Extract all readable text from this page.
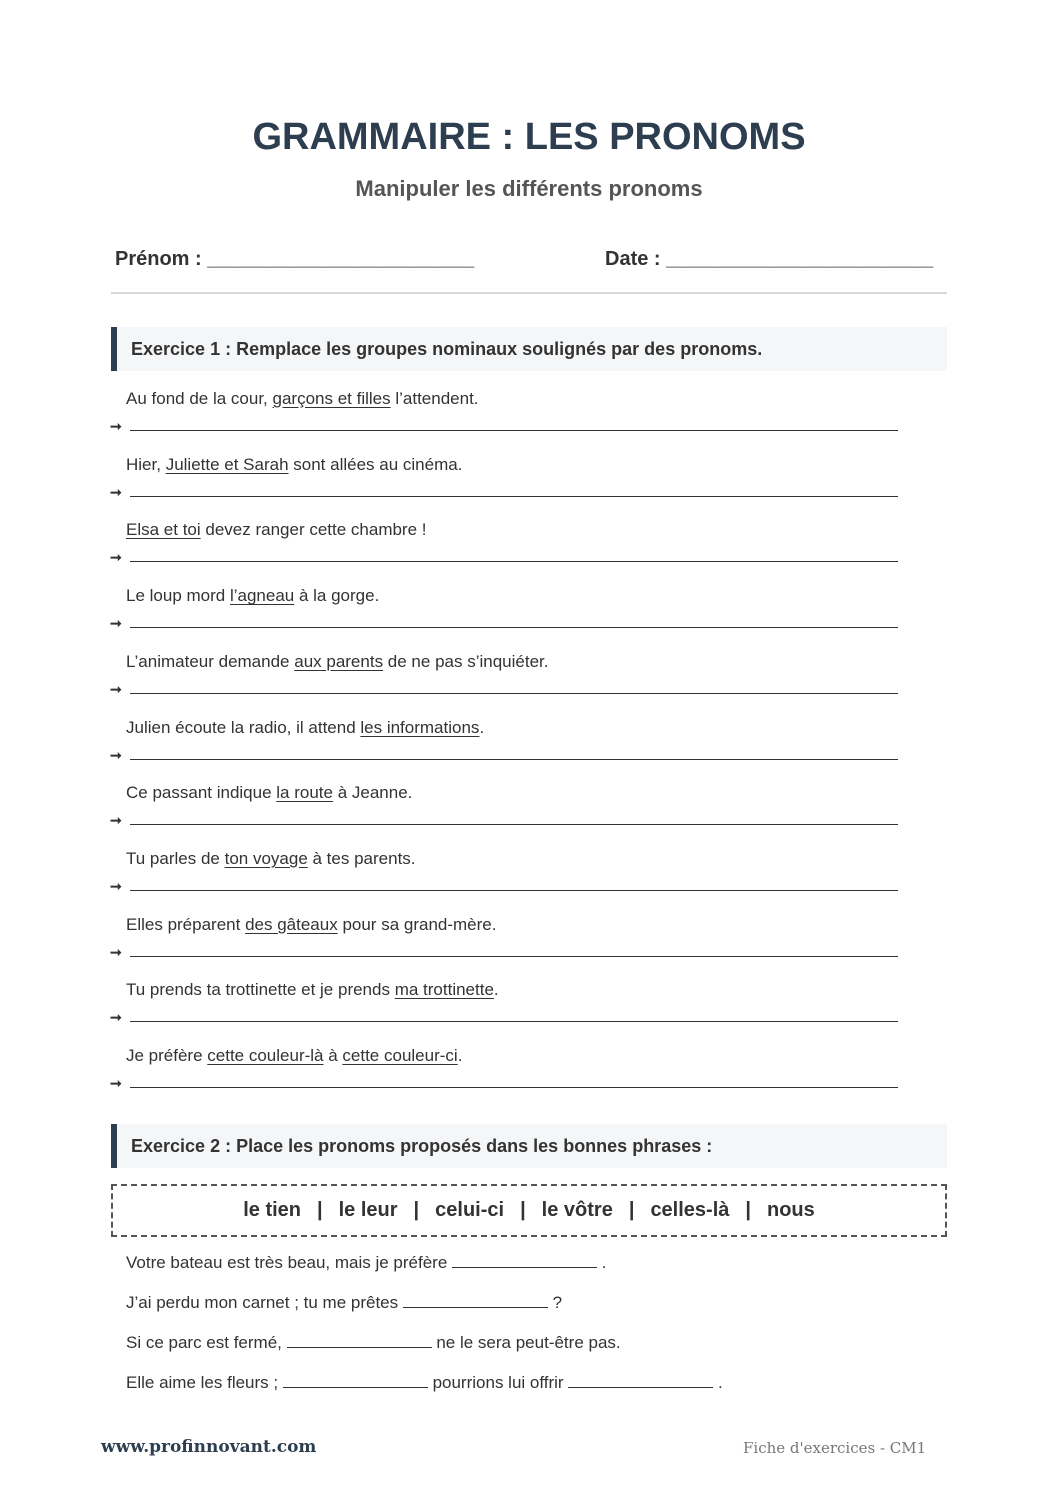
GRAMMAIRE : LES PRONOMS
Manipuler les différents pronoms
Prénom : ________________________	Date : ________________________
Exercice 1 : Remplace les groupes nominaux soulignés par des pronoms.
Au fond de la cour, garçons et filles l’attendent.
➞
Hier, Juliette et Sarah sont allées au cinéma.
➞
Elsa et toi devez ranger cette chambre !
➞
Le loup mord l’agneau à la gorge.
➞
L’animateur demande aux parents de ne pas s’inquiéter.
➞
Julien écoute la radio, il attend les informations.
➞
Ce passant indique la route à Jeanne.
➞
Tu parles de ton voyage à tes parents.
➞
Elles préparent des gâteaux pour sa grand-mère.
➞
Tu prends ta trottinette et je prends ma trottinette.
➞
Je préfère cette couleur-là à cette couleur-ci.
➞
Exercice 2 : Place les pronoms proposés dans les bonnes phrases :
le tien | le leur | celui-ci | le vôtre | celles-là | nous
Votre bateau est très beau, mais je préfère	.
J’ai perdu mon carnet ; tu me prêtes	?
Si ce parc est fermé,	ne le sera peut-être pas.
Elle aime les fleurs ;	pourrions lui offrir	.
www.profinnovant.com	Fiche d'exercices - CM1
